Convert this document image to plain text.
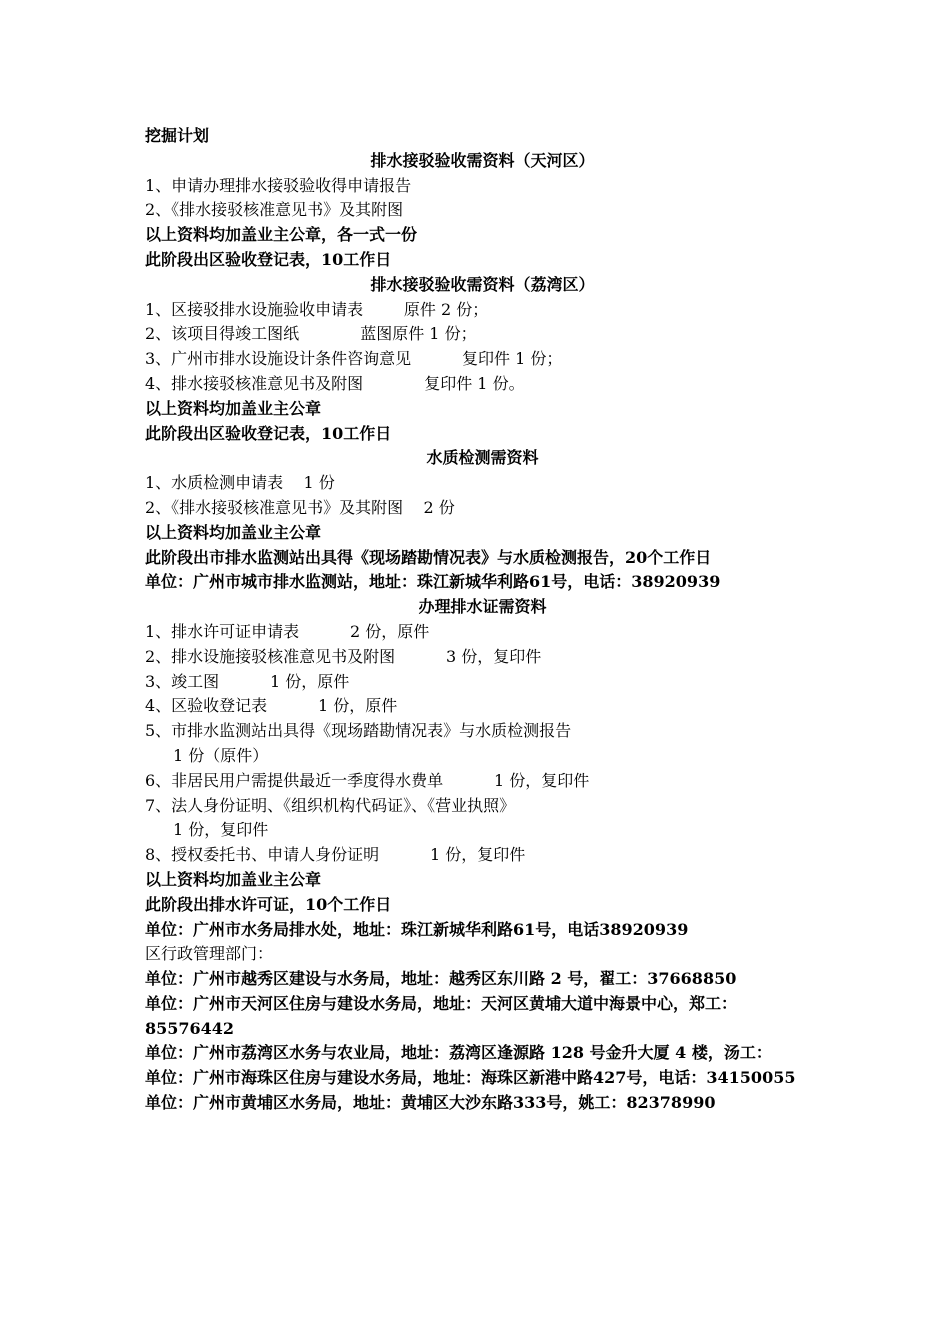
挖掘计划

排水接驳验收需资料（天河区）

1、申请办理排水接驳验收得申请报告

2、《排水接驳核准意见书》及其附图

以上资料均加盖业主公章，各一式一份

此阶段出区验收登记表，10工作日

排水接驳验收需资料（荔湾区）

1、区接驳排水设施验收申请表        原件 2 份；

2、该项目得竣工图纸            蓝图原件 1 份；

3、广州市排水设施设计条件咨询意见          复印件 1 份；

4、排水接驳核准意见书及附图            复印件 1 份。

以上资料均加盖业主公章

此阶段出区验收登记表，10工作日

水质检测需资料

1、水质检测申请表    1 份

2、《排水接驳核准意见书》及其附图    2 份

以上资料均加盖业主公章

此阶段出市排水监测站出具得《现场踏勘情况表》与水质检测报告，20个工作日

单位：广州市城市排水监测站，地址：珠江新城华利路61号，电话：38920939

办理排水证需资料

1、排水许可证申请表          2 份，原件

2、排水设施接驳核准意见书及附图          3 份，复印件

3、竣工图          1 份，原件

4、区验收登记表          1 份，原件

5、市排水监测站出具得《现场踏勘情况表》与水质检测报告

1 份（原件）

6、非居民用户需提供最近一季度得水费单          1 份，复印件

7、法人身份证明、《组织机构代码证》、《营业执照》

1 份，复印件

8、授权委托书、申请人身份证明          1 份，复印件

以上资料均加盖业主公章

此阶段出排水许可证，10个工作日

单位：广州市水务局排水处，地址：珠江新城华利路61号，电话38920939

区行政管理部门：

单位：广州市越秀区建设与水务局，地址：越秀区东川路 2 号，翟工：37668850

单位：广州市天河区住房与建设水务局，地址：天河区黄埔大道中海景中心，郑工：85576442

单位：广州市荔湾区水务与农业局，地址：荔湾区逢源路 128 号金升大厦 4 楼，汤工：

单位：广州市海珠区住房与建设水务局，地址：海珠区新港中路427号，电话：34150055

单位：广州市黄埔区水务局，地址：黄埔区大沙东路333号，姚工：82378990
